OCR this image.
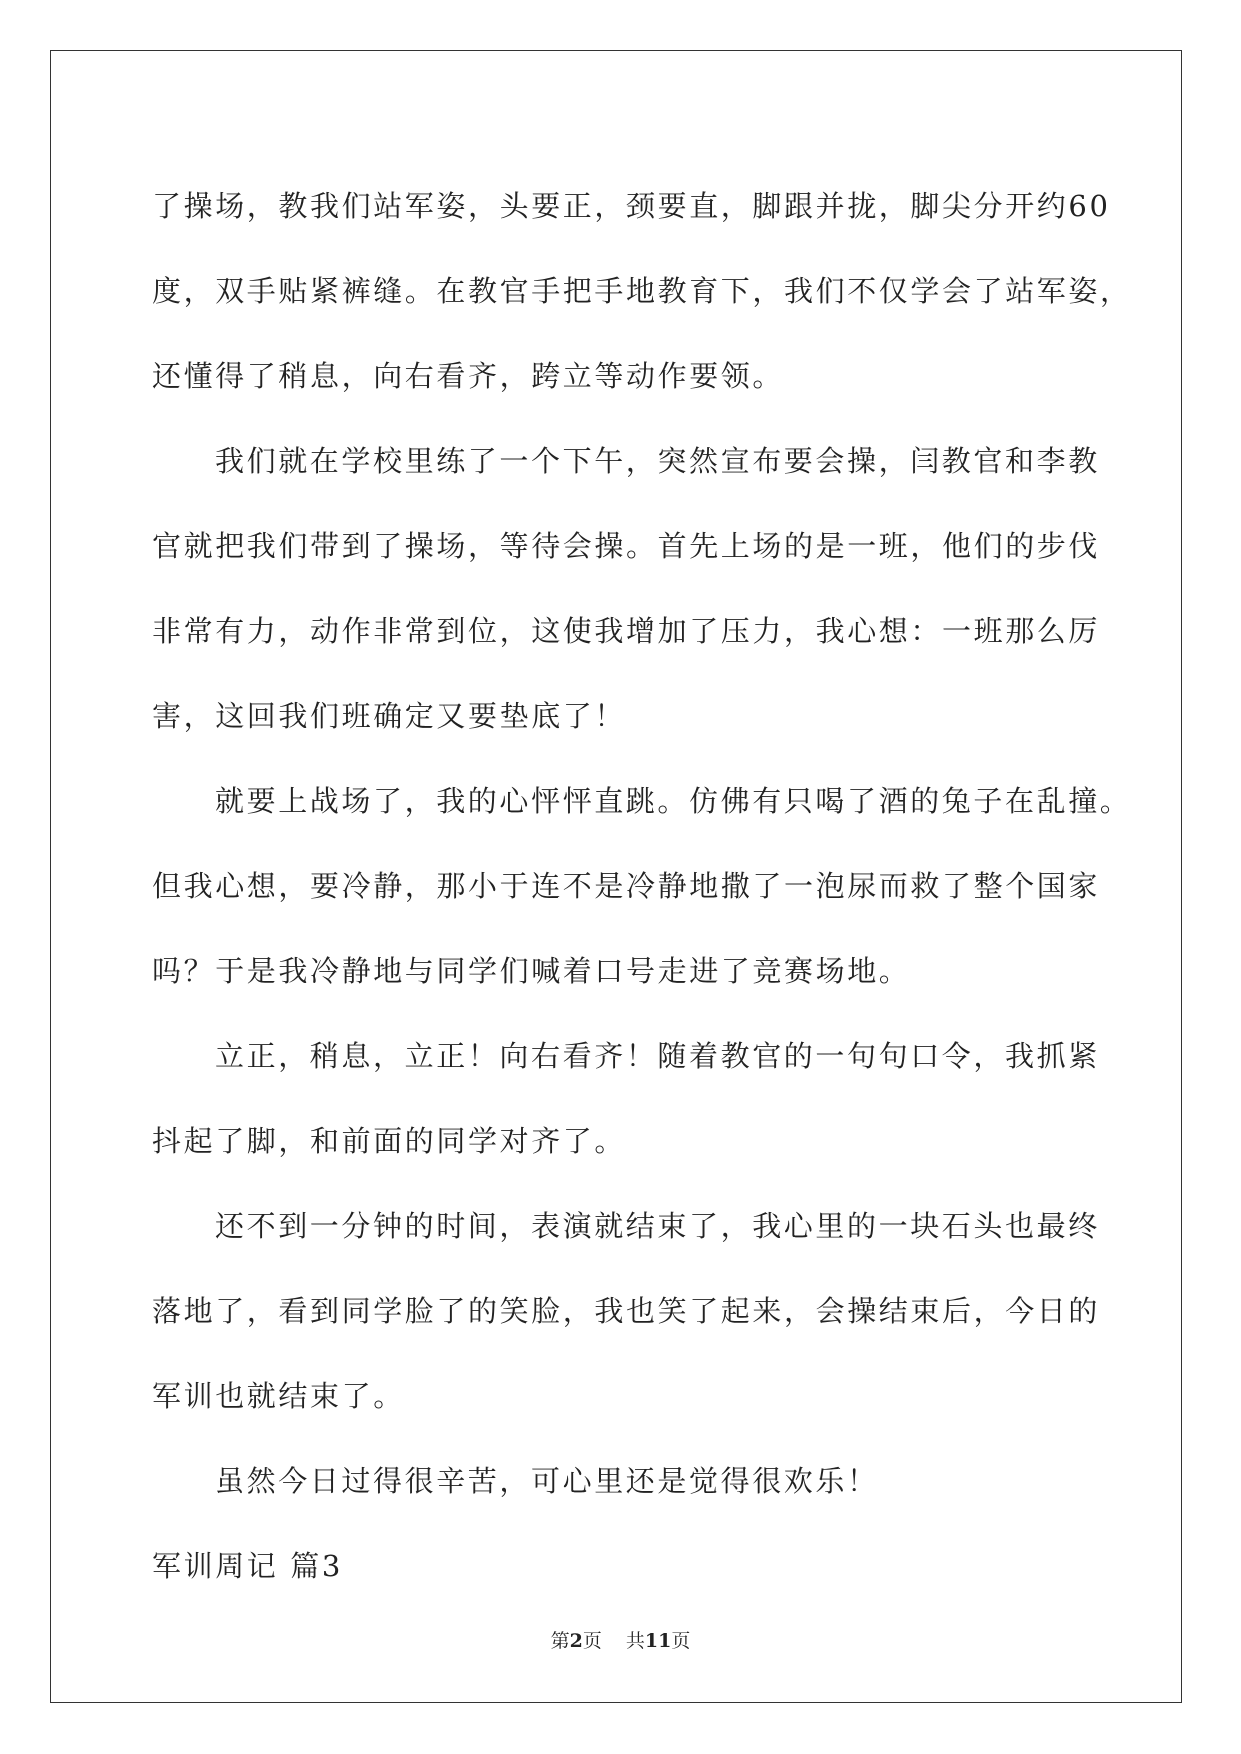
了操场，教我们站军姿，头要正，颈要直，脚跟并拢，脚尖分开约60
度，双手贴紧裤缝。在教官手把手地教育下，我们不仅学会了站军姿，
还懂得了稍息，向右看齐，跨立等动作要领。
我们就在学校里练了一个下午，突然宣布要会操，闫教官和李教
官就把我们带到了操场，等待会操。首先上场的是一班，他们的步伐
非常有力，动作非常到位，这使我增加了压力，我心想：一班那么厉
害，这回我们班确定又要垫底了！
就要上战场了，我的心怦怦直跳。仿佛有只喝了酒的兔子在乱撞。
但我心想，要冷静，那小于连不是冷静地撒了一泡尿而救了整个国家
吗？于是我冷静地与同学们喊着口号走进了竞赛场地。
立正，稍息，立正！向右看齐！随着教官的一句句口令，我抓紧
抖起了脚，和前面的同学对齐了。
还不到一分钟的时间，表演就结束了，我心里的一块石头也最终
落地了，看到同学脸了的笑脸，我也笑了起来，会操结束后，今日的
军训也就结束了。
虽然今日过得很辛苦，可心里还是觉得很欢乐！
军训周记 篇3
第2页 共11页
